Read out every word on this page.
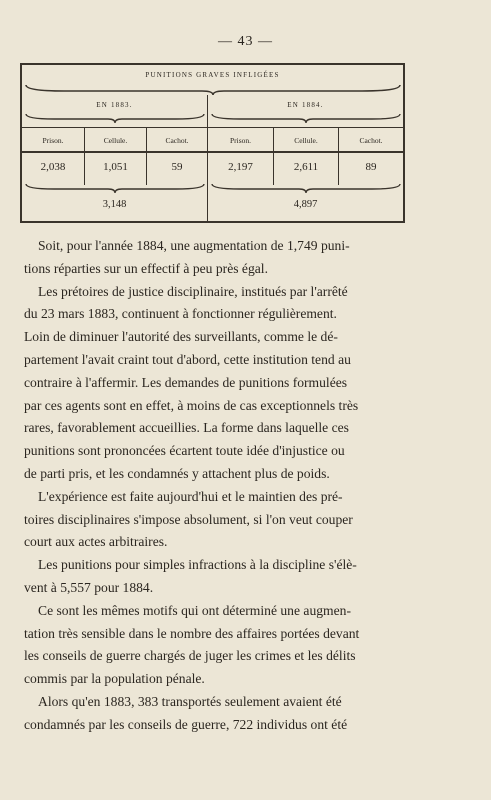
— 43 —
PUNITIONS GRAVES INFLIGÉES
EN 1883.	EN 1884.
Prison.	Cellule.	Cachot.	Prison.	Cellule.	Cachot.
2,038	1,051	59	2,197	2,611	89
3,148	4,897

Soit, pour l'année 1884, une augmentation de 1,749 puni-
tions réparties sur un effectif à peu près égal.

Les prétoires de justice disciplinaire, institués par l'arrêté
du 23 mars 1883, continuent à fonctionner régulièrement.
Loin de diminuer l'autorité des surveillants, comme le dé-
partement l'avait craint tout d'abord, cette institution tend au
contraire à l'affermir. Les demandes de punitions formulées
par ces agents sont en effet, à moins de cas exceptionnels très
rares, favorablement accueillies. La forme dans laquelle ces
punitions sont prononcées écartent toute idée d'injustice ou
de parti pris, et les condamnés y attachent plus de poids.

L'expérience est faite aujourd'hui et le maintien des pré-
toires disciplinaires s'impose absolument, si l'on veut couper
court aux actes arbitraires.

Les punitions pour simples infractions à la discipline s'élè-
vent à 5,557 pour 1884.

Ce sont les mêmes motifs qui ont déterminé une augmen-
tation très sensible dans le nombre des affaires portées devant
les conseils de guerre chargés de juger les crimes et les délits
commis par la population pénale.

Alors qu'en 1883, 383 transportés seulement avaient été
condamnés par les conseils de guerre, 722 individus ont été
